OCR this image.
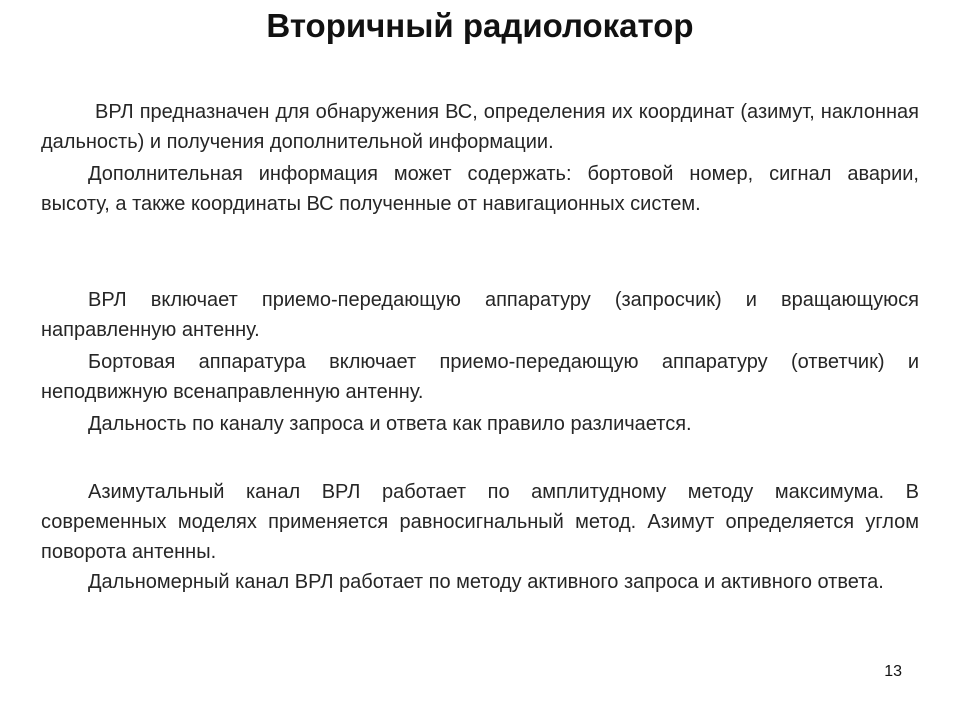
Вторичный радиолокатор

ВРЛ предназначен для обнаружения ВС, определения их координат (азимут, наклонная дальность) и получения дополнительной информации.

Дополнительная информация может содержать: бортовой номер, сигнал аварии, высоту, а также координаты ВС полученные от навигационных систем.

ВРЛ включает приемо-передающую аппаратуру (запросчик) и вращающуюся направленную антенну.

Бортовая аппаратура включает приемо-передающую аппаратуру (ответчик) и неподвижную всенаправленную антенну.

Дальность по каналу запроса и ответа как правило различается.

Азимутальный канал ВРЛ работает по амплитудному методу максимума. В современных моделях применяется равносигнальный метод. Азимут определяется углом поворота антенны.

Дальномерный канал ВРЛ работает по методу активного запроса и активного ответа.

13
